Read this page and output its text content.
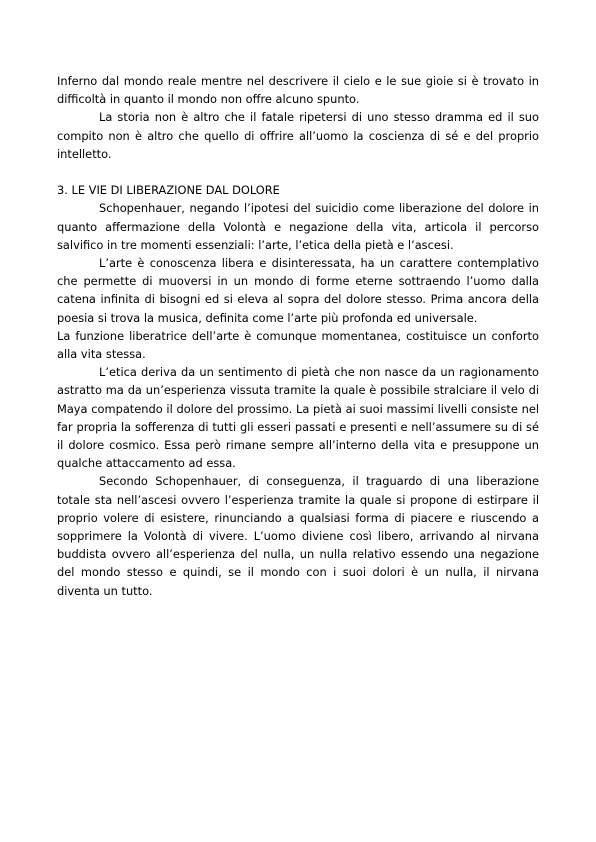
Inferno dal mondo reale mentre nel descrivere il cielo e le sue gioie si è trovato in difficoltà in quanto il mondo non offre alcuno spunto.

La storia non è altro che il fatale ripetersi di uno stesso dramma ed il suo compito non è altro che quello di offrire all’uomo la coscienza di sé e del proprio intelletto.

3. LE VIE DI LIBERAZIONE DAL DOLORE

Schopenhauer, negando l’ipotesi del suicidio come liberazione del dolore in quanto affermazione della Volontà e negazione della vita, articola il percorso salvifico in tre momenti essenziali: l’arte, l’etica della pietà e l’ascesi.

L’arte è conoscenza libera e disinteressata, ha un carattere contemplativo che permette di muoversi in un mondo di forme eterne sottraendo l’uomo dalla catena infinita di bisogni ed si eleva al sopra del dolore stesso. Prima ancora della poesia si trova la musica, definita come l’arte più profonda ed universale.

La funzione liberatrice dell’arte è comunque momentanea, costituisce un conforto alla vita stessa.

L’etica deriva da un sentimento di pietà che non nasce da un ragionamento astratto ma da un’esperienza vissuta tramite la quale è possibile stralciare il velo di Maya compatendo il dolore del prossimo. La pietà ai suoi massimi livelli consiste nel far propria la sofferenza di tutti gli esseri passati e presenti e nell’assumere su di sé il dolore cosmico. Essa però rimane sempre all’interno della vita e presuppone un qualche attaccamento ad essa.

Secondo Schopenhauer, di conseguenza, il traguardo di una liberazione totale sta nell’ascesi ovvero l’esperienza tramite la quale si propone di estirpare il proprio volere di esistere, rinunciando a qualsiasi forma di piacere e riuscendo a sopprimere la Volontà di vivere. L’uomo diviene così libero, arrivando al nirvana buddista ovvero all’esperienza del nulla, un nulla relativo essendo una negazione del mondo stesso e quindi, se il mondo con i suoi dolori è un nulla, il nirvana diventa un tutto.
